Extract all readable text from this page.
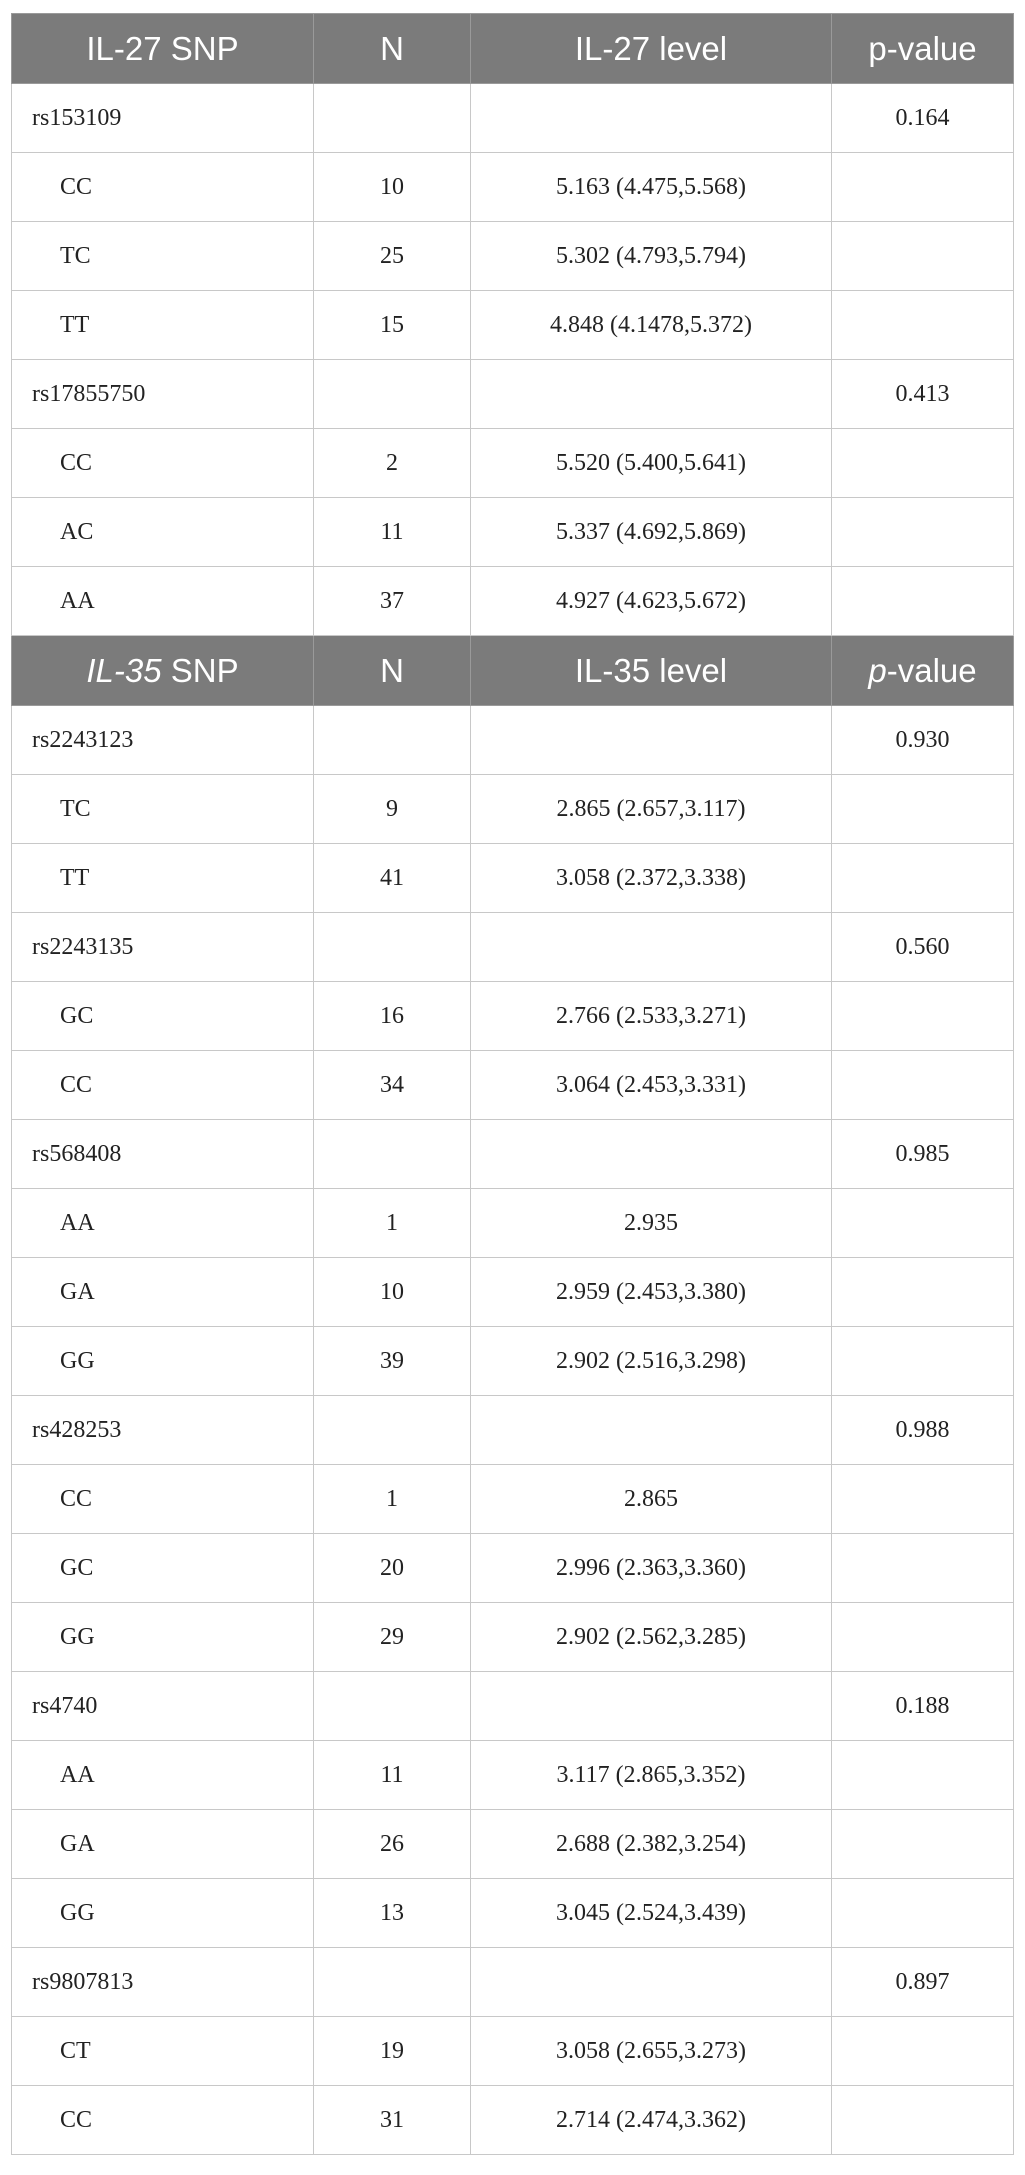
IL-27 SNP	N	IL-27 level	p-value
rs153109			0.164
CC	10	5.163 (4.475,5.568)	
TC	25	5.302 (4.793,5.794)	
TT	15	4.848 (4.1478,5.372)	
rs17855750			0.413
CC	2	5.520 (5.400,5.641)	
AC	11	5.337 (4.692,5.869)	
AA	37	4.927 (4.623,5.672)	
IL-35 SNP	N	IL-35 level	p-value
rs2243123			0.930
TC	9	2.865 (2.657,3.117)	
TT	41	3.058 (2.372,3.338)	
rs2243135			0.560
GC	16	2.766 (2.533,3.271)	
CC	34	3.064 (2.453,3.331)	
rs568408			0.985
AA	1	2.935	
GA	10	2.959 (2.453,3.380)	
GG	39	2.902 (2.516,3.298)	
rs428253			0.988
CC	1	2.865	
GC	20	2.996 (2.363,3.360)	
GG	29	2.902 (2.562,3.285)	
rs4740			0.188
AA	11	3.117 (2.865,3.352)	
GA	26	2.688 (2.382,3.254)	
GG	13	3.045 (2.524,3.439)	
rs9807813			0.897
CT	19	3.058 (2.655,3.273)	
CC	31	2.714 (2.474,3.362)	
